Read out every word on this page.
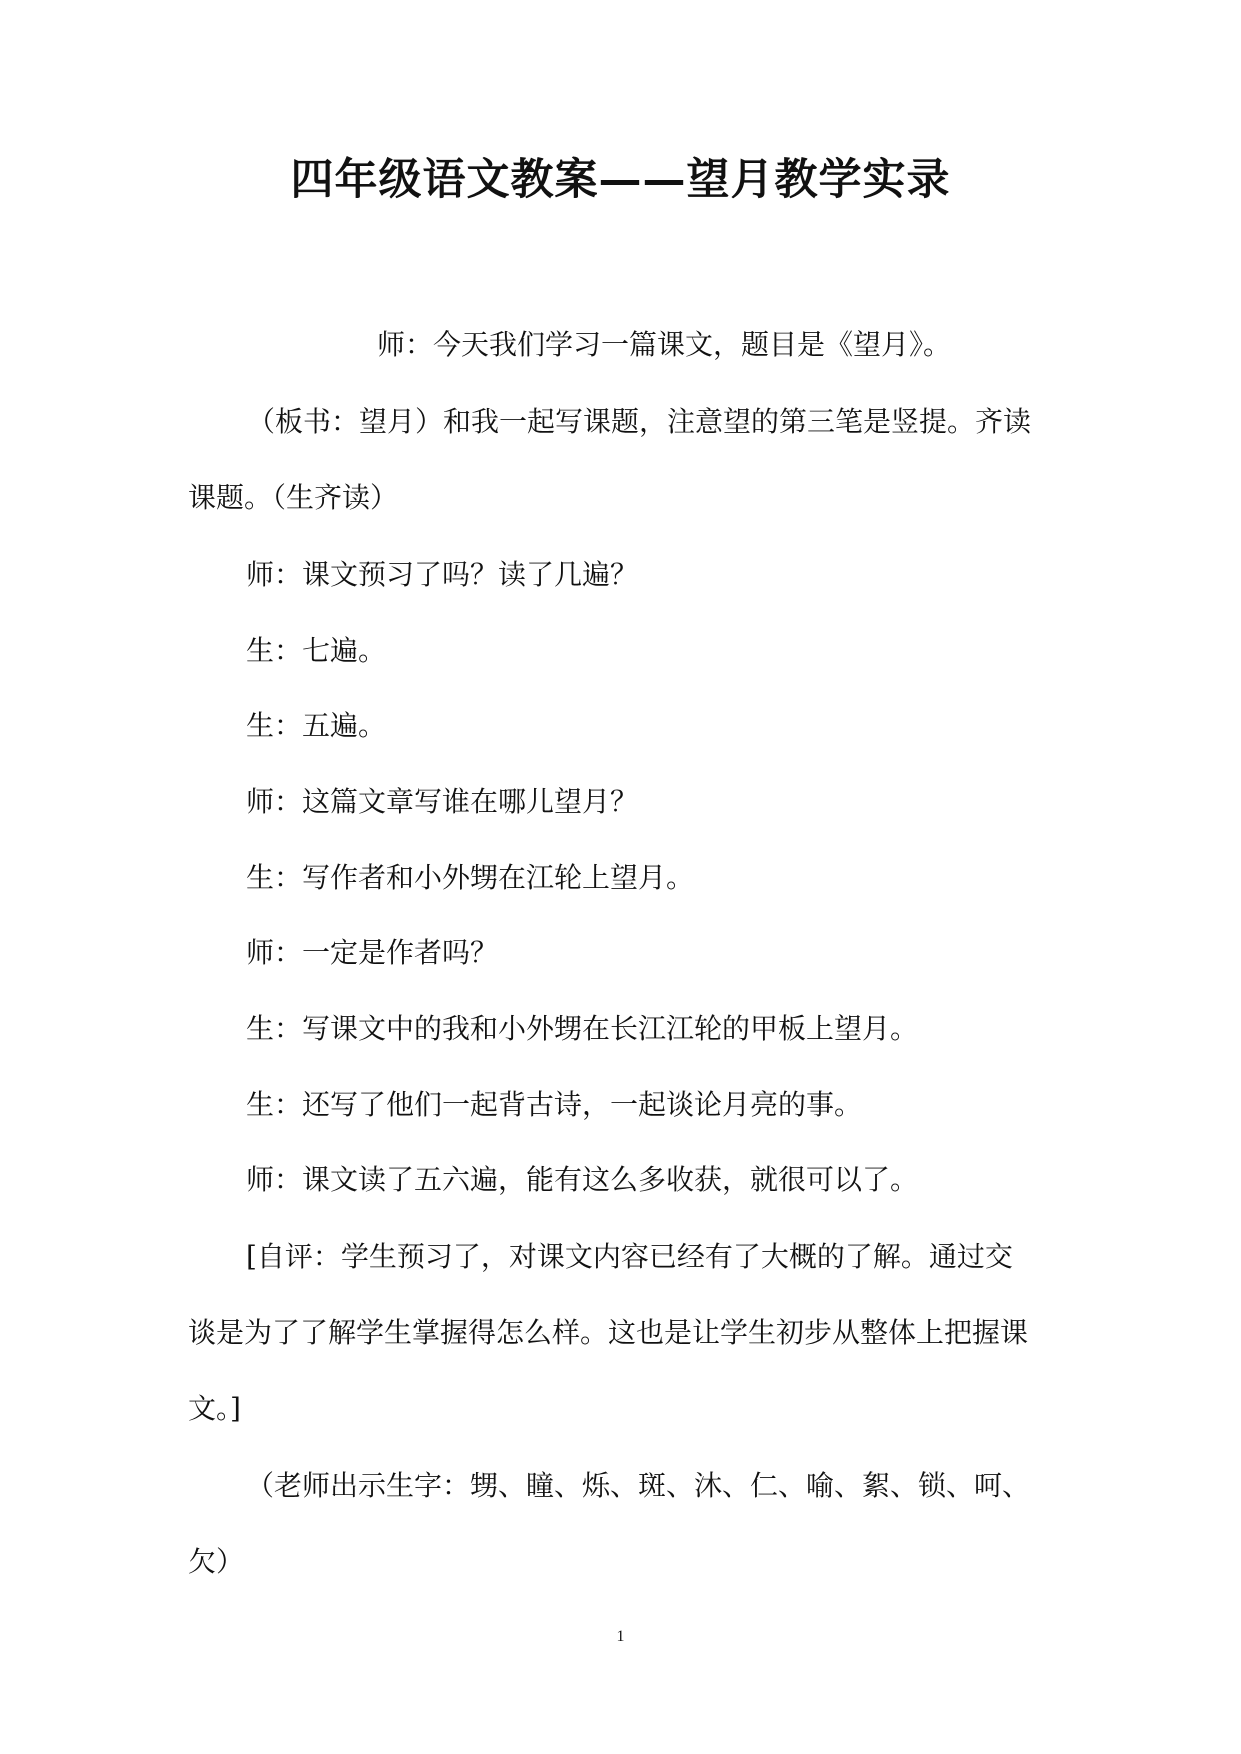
四年级语文教案——望月教学实录
师：今天我们学习一篇课文，题目是《望月》。
（板书：望月）和我一起写课题，注意望的第三笔是竖提。齐读
课题。（生齐读）
师：课文预习了吗？读了几遍？
生：七遍。
生：五遍。
师：这篇文章写谁在哪儿望月？
生：写作者和小外甥在江轮上望月。
师：一定是作者吗？
生：写课文中的我和小外甥在长江江轮的甲板上望月。
生：还写了他们一起背古诗，一起谈论月亮的事。
师：课文读了五六遍，能有这么多收获，就很可以了。
[自评：学生预习了，对课文内容已经有了大概的了解。通过交
谈是为了了解学生掌握得怎么样。这也是让学生初步从整体上把握课
文。]
（老师出示生字：甥、瞳、烁、斑、沐、仁、喻、絮、锁、呵、
欠）
1
